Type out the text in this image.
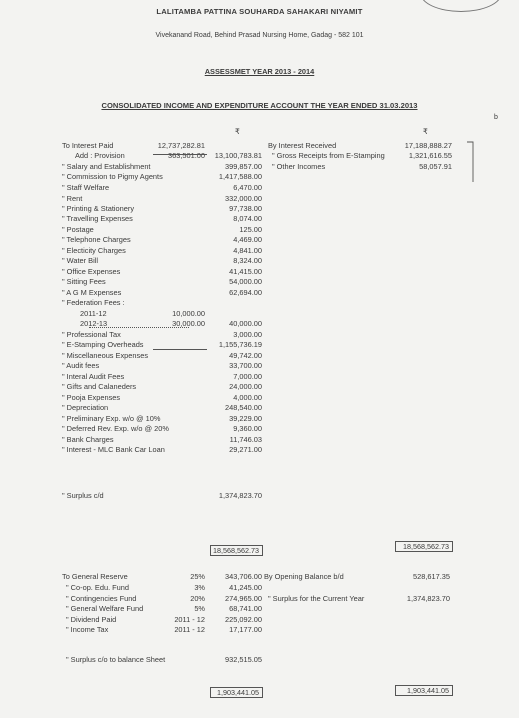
LALITAMBA PATTINA SOUHARDA SAHAKARI NIYAMIT
Vivekanand Road, Behind Prasad Nursing Home, Gadag - 582 101
ASSESSMET YEAR 2013 - 2014
CONSOLIDATED INCOME AND EXPENDITURE ACCOUNT THE YEAR ENDED 31.03.2013
₹	₹
b
To Interest Paid	12,737,282.81
Add : Provision	363,501.00	13,100,783.81
" Salary and Establishment	399,857.00
" Commission to Pigmy Agents	1,417,588.00
" Staff Welfare	6,470.00
" Rent	332,000.00
" Printing & Stationery	97,738.00
" Travelling Expenses	8,074.00
" Postage	125.00
" Telephone Charges	4,469.00
" Electicity Charges	4,841.00
" Water Bill	8,324.00
" Office Expenses	41,415.00
" Sitting Fees	54,000.00
" A G M Expenses	62,694.00
" Federation Fees :
2011-12	10,000.00
2012-13	30,000.00	40,000.00
" Professional Tax	3,000.00
" E-Stamping Overheads	1,155,736.19
" Miscellaneous Expenses	49,742.00
" Audit fees	33,700.00
" Interal Audit Fees	7,000.00
" Gifts and Calaneders	24,000.00
" Pooja Expenses	4,000.00
" Depreciation	248,540.00
" Preliminary Exp. w/o @ 10%	39,229.00
" Deferred Rev. Exp. w/o @ 20%	9,360.00
" Bank Charges	11,746.03
" Interest - MLC Bank Car Loan	29,271.00
" Surplus c/d	1,374,823.70
By Interest Received	17,188,888.27
" Gross Receipts from E-Stamping	1,321,616.55
" Other Incomes	58,057.91
18,568,562.73	18,568,562.73
To General Reserve	25%	343,706.00
" Co-op. Edu. Fund	3%	41,245.00
" Contingencies Fund	20%	274,965.00
" General Welfare Fund	5%	68,741.00
" Dividend Paid	2011 - 12	225,092.00
" Income Tax	2011 - 12	17,177.00
" Surplus c/o to balance Sheet	932,515.05
By Opening Balance b/d	528,617.35
" Surplus for the Current Year	1,374,823.70
1,903,441.05	1,903,441.05
